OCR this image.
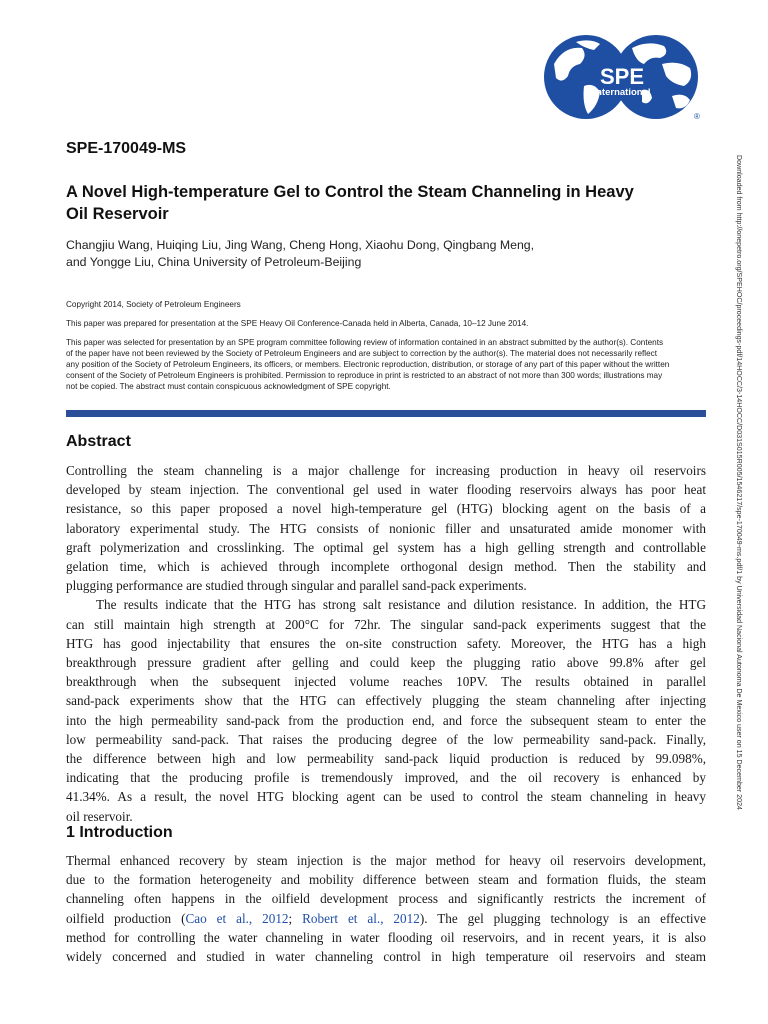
SPE
International
®
SPE-170049-MS
A Novel High-temperature Gel to Control the Steam Channeling in Heavy
Oil Reservoir
Changjiu Wang, Huiqing Liu, Jing Wang, Cheng Hong, Xiaohu Dong, Qingbang Meng,
and Yongge Liu, China University of Petroleum-Beijing

Copyright 2014, Society of Petroleum Engineers

This paper was prepared for presentation at the SPE Heavy Oil Conference-Canada held in Alberta, Canada, 10–12 June 2014.

This paper was selected for presentation by an SPE program committee following review of information contained in an abstract submitted by the author(s). Contents
of the paper have not been reviewed by the Society of Petroleum Engineers and are subject to correction by the author(s). The material does not necessarily reflect
any position of the Society of Petroleum Engineers, its officers, or members. Electronic reproduction, distribution, or storage of any part of this paper without the written
consent of the Society of Petroleum Engineers is prohibited. Permission to reproduce in print is restricted to an abstract of not more than 300 words; illustrations may
not be copied. The abstract must contain conspicuous acknowledgment of SPE copyright.

Abstract
Controlling the steam channeling is a major challenge for increasing production in heavy oil reservoirs
developed by steam injection. The conventional gel used in water flooding reservoirs always has poor heat
resistance, so this paper proposed a novel high-temperature gel (HTG) blocking agent on the basis of a
laboratory experimental study. The HTG consists of nonionic filler and unsaturated amide monomer with
graft polymerization and crosslinking. The optimal gel system has a high gelling strength and controllable
gelation time, which is achieved through incomplete orthogonal design method. Then the stability and
plugging performance are studied through singular and parallel sand-pack experiments.
The results indicate that the HTG has strong salt resistance and dilution resistance. In addition, the HTG
can still maintain high strength at 200°C for 72hr. The singular sand-pack experiments suggest that the
HTG has good injectability that ensures the on-site construction safety. Moreover, the HTG has a high
breakthrough pressure gradient after gelling and could keep the plugging ratio above 99.8% after gel
breakthrough when the subsequent injected volume reaches 10PV. The results obtained in parallel
sand-pack experiments show that the HTG can effectively plugging the steam channeling after injecting
into the high permeability sand-pack from the production end, and force the subsequent steam to enter the
low permeability sand-pack. That raises the producing degree of the low permeability sand-pack. Finally,
the difference between high and low permeability sand-pack liquid production is reduced by 99.098%,
indicating that the producing profile is tremendously improved, and the oil recovery is enhanced by
41.34%. As a result, the novel HTG blocking agent can be used to control the steam channeling in heavy
oil reservoir.
1 Introduction
Thermal enhanced recovery by steam injection is the major method for heavy oil reservoirs development,
due to the formation heterogeneity and mobility difference between steam and formation fluids, the steam
channeling often happens in the oilfield development process and significantly restricts the increment of
oilfield production (Cao et al., 2012; Robert et al., 2012). The gel plugging technology is an effective
method for controlling the water channeling in water flooding oil reservoirs, and in recent years, it is also
widely concerned and studied in water channeling control in high temperature oil reservoirs and steam
Downloaded from http://onepetro.org/SPEHOC/proceedings-pdf/14HOCC/3-14HOCC/D031S015R005/1546217/spe-170049-ms.pdf/1 by Universidad Nacional Autonoma De Mexico user on 15 December 2024
